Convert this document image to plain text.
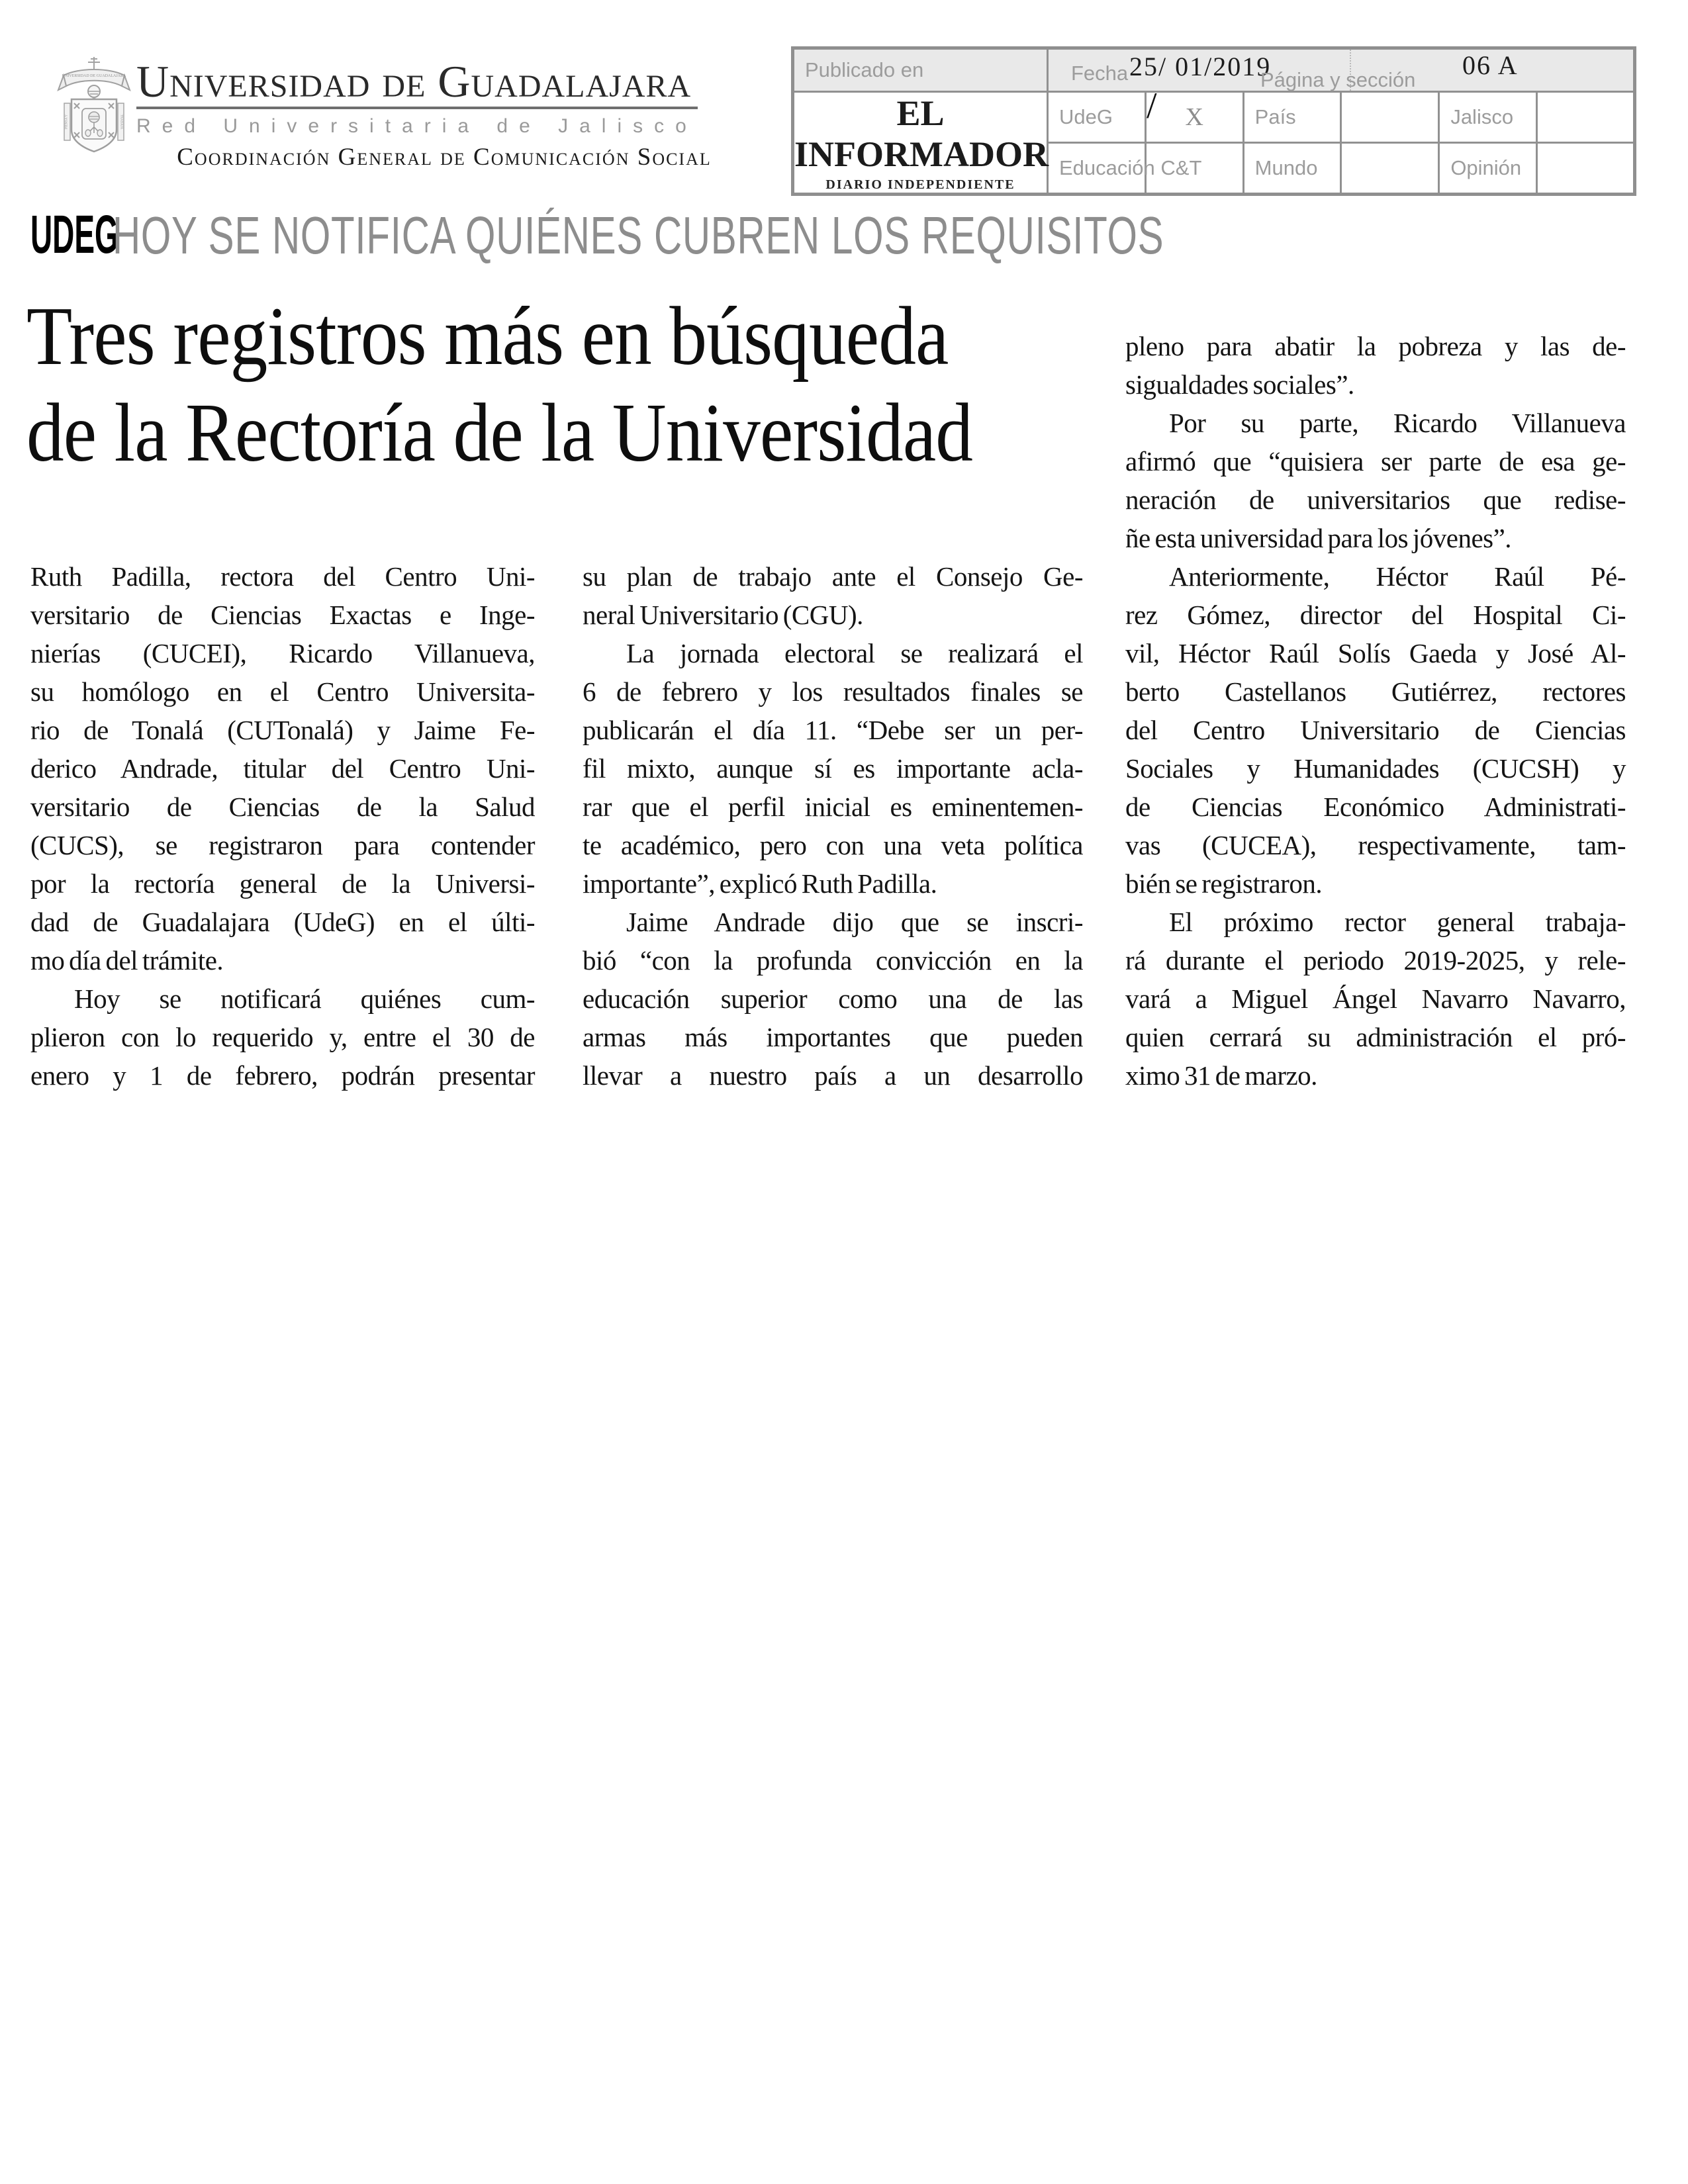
UNIVERSIDAD DE GUADALAJARA
PIENSA Y	TRABAJA
Universidad de Guadalajara
Red Universitaria de Jalisco
Coordinación General de Comunicación Social
Publicado en	Fecha 25/ 01/2019
Página y sección 06 A					

EL INFORMADOR
DIARIO INDEPENDIENTE
	UdeG /	X	País		Jalisco	
	Educación C&T		Mundo		Opinión	
UDEG
HOY SE NOTIFICA QUIÉNES CUBREN LOS REQUISITOS
Tres registros más en búsqueda
de la Rectoría de la Universidad
Ruth Padilla, rectora del Centro Uni-
versitario de Ciencias Exactas e Inge-
nierías (CUCEI), Ricardo Villanueva,
su homólogo en el Centro Universita-
rio de Tonalá (CUTonalá) y Jaime Fe-
derico Andrade, titular del Centro Uni-
versitario de Ciencias de la Salud
(CUCS), se registraron para contender
por la rectoría general de la Universi-
dad de Guadalajara (UdeG) en el últi-
mo día del trámite.
Hoy se notificará quiénes cum-
plieron con lo requerido y, entre el 30 de
enero y 1 de febrero, podrán presentar
su plan de trabajo ante el Consejo Ge-
neral Universitario (CGU).
La jornada electoral se realizará el
6 de febrero y los resultados finales se
publicarán el día 11. “Debe ser un per-
fil mixto, aunque sí es importante acla-
rar que el perfil inicial es eminentemen-
te académico, pero con una veta política
importante”, explicó Ruth Padilla.
Jaime Andrade dijo que se inscri-
bió “con la profunda convicción en la
educación superior como una de las
armas más importantes que pueden
llevar a nuestro país a un desarrollo
pleno para abatir la pobreza y las de-
sigualdades sociales”.
Por su parte, Ricardo Villanueva
afirmó que “quisiera ser parte de esa ge-
neración de universitarios que redise-
ñe esta universidad para los jóvenes”.
Anteriormente, Héctor Raúl Pé-
rez Gómez, director del Hospital Ci-
vil, Héctor Raúl Solís Gaeda y José Al-
berto Castellanos Gutiérrez, rectores
del Centro Universitario de Ciencias
Sociales y Humanidades (CUCSH) y
de Ciencias Económico Administrati-
vas (CUCEA), respectivamente, tam-
bién se registraron.
El próximo rector general trabaja-
rá durante el periodo 2019-2025, y rele-
vará a Miguel Ángel Navarro Navarro,
quien cerrará su administración el pró-
ximo 31 de marzo.
